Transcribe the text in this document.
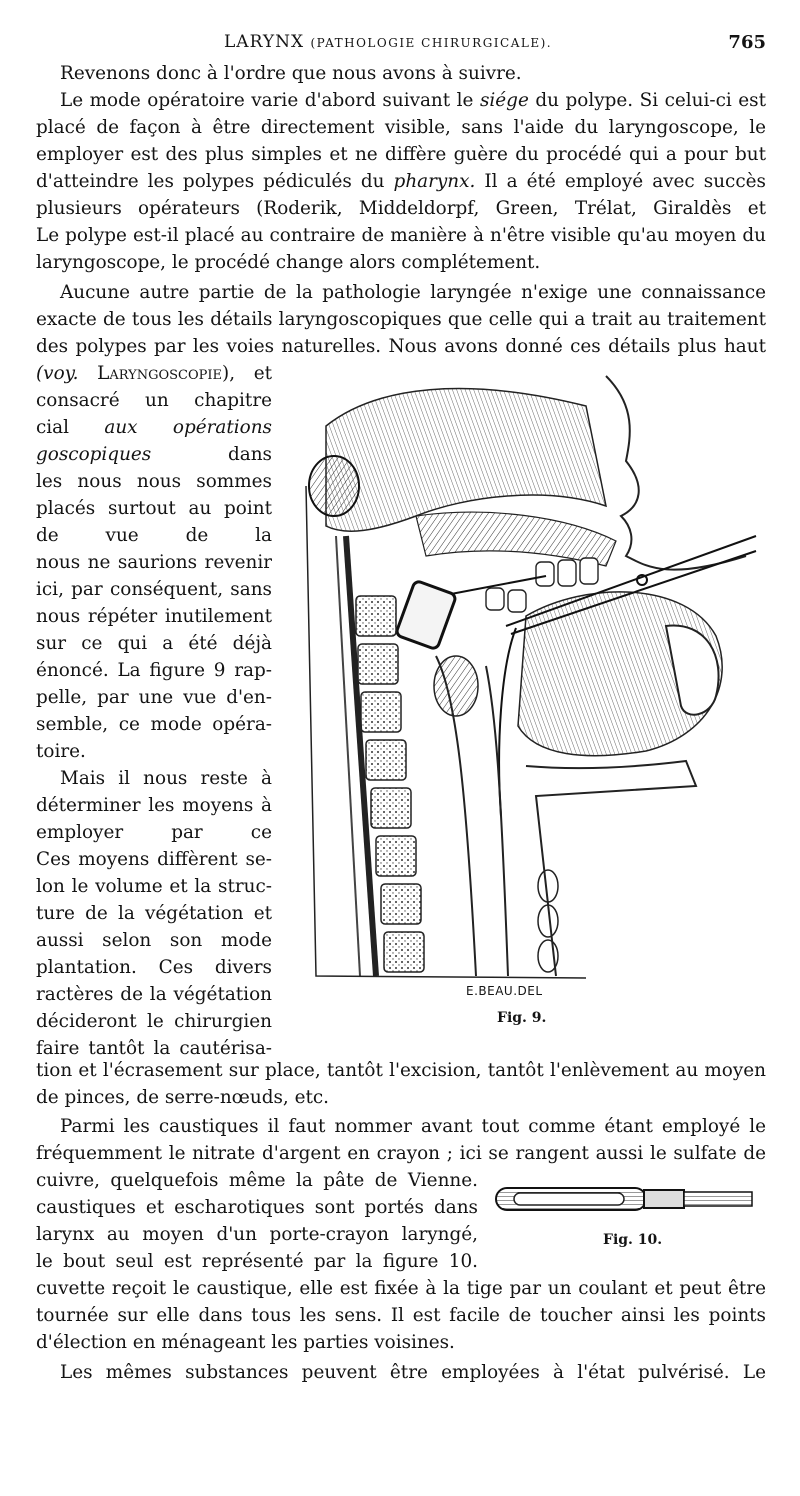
LARYNX (PATHOLOGIE CHIRURGICALE).	765
Revenons donc à l'ordre que nous avons à suivre.
Le mode opératoire varie d'abord suivant le siége du polype. Si celui-ci est
placé de façon à être directement visible, sans l'aide du laryngoscope, le
employer est des plus simples et ne diffère guère du procédé qui a pour but
d'atteindre les polypes pédiculés du pharynx. Il a été employé avec succès
plusieurs opérateurs (Roderik, Middeldorpf, Green, Trélat, Giraldès et
Le polype est-il placé au contraire de manière à n'être visible qu'au moyen du
laryngoscope, le procédé change alors complétement.
Aucune autre partie de la pathologie laryngée n'exige une connaissance
exacte de tous les détails laryngoscopiques que celle qui a trait au traitement
des polypes par les voies naturelles. Nous avons donné ces détails plus haut
(voy. Laryngoscopie), et
consacré un chapitre
cial aux opérations
goscopiques	dans
les nous nous sommes
placés surtout au point
de vue de la
nous ne saurions revenir
ici, par conséquent, sans
nous répéter inutilement
sur ce qui a été déjà
énoncé. La figure 9 rap-
pelle, par une vue d'en-
semble, ce mode opéra-
toire.
Mais il nous reste à
déterminer les moyens à
employer par ce
Ces moyens diffèrent se-
lon le volume et la struc-
ture de la végétation et
aussi selon son mode
plantation. Ces divers
ractères de la végétation
décideront le chirurgien
faire tantôt la cautérisa-
tion et l'écrasement sur place, tantôt l'excision, tantôt l'enlèvement au moyen
de pinces, de serre-nœuds, etc.
Parmi les caustiques il faut nommer avant tout comme étant employé le
fréquemment le nitrate d'argent en crayon ; ici se rangent aussi le sulfate de
cuivre, quelquefois même la pâte de Vienne.
caustiques et escharotiques sont portés dans
larynx au moyen d'un porte-crayon laryngé,
le bout seul est représenté par la figure 10.
cuvette reçoit le caustique, elle est fixée à la tige par un coulant et peut être
tournée sur elle dans tous les sens. Il est facile de toucher ainsi les points
d'élection en ménageant les parties voisines.
Les mêmes substances peuvent être employées à l'état pulvérisé. Le
E.BEAU.DEL
Fig. 9.
Fig. 10.
